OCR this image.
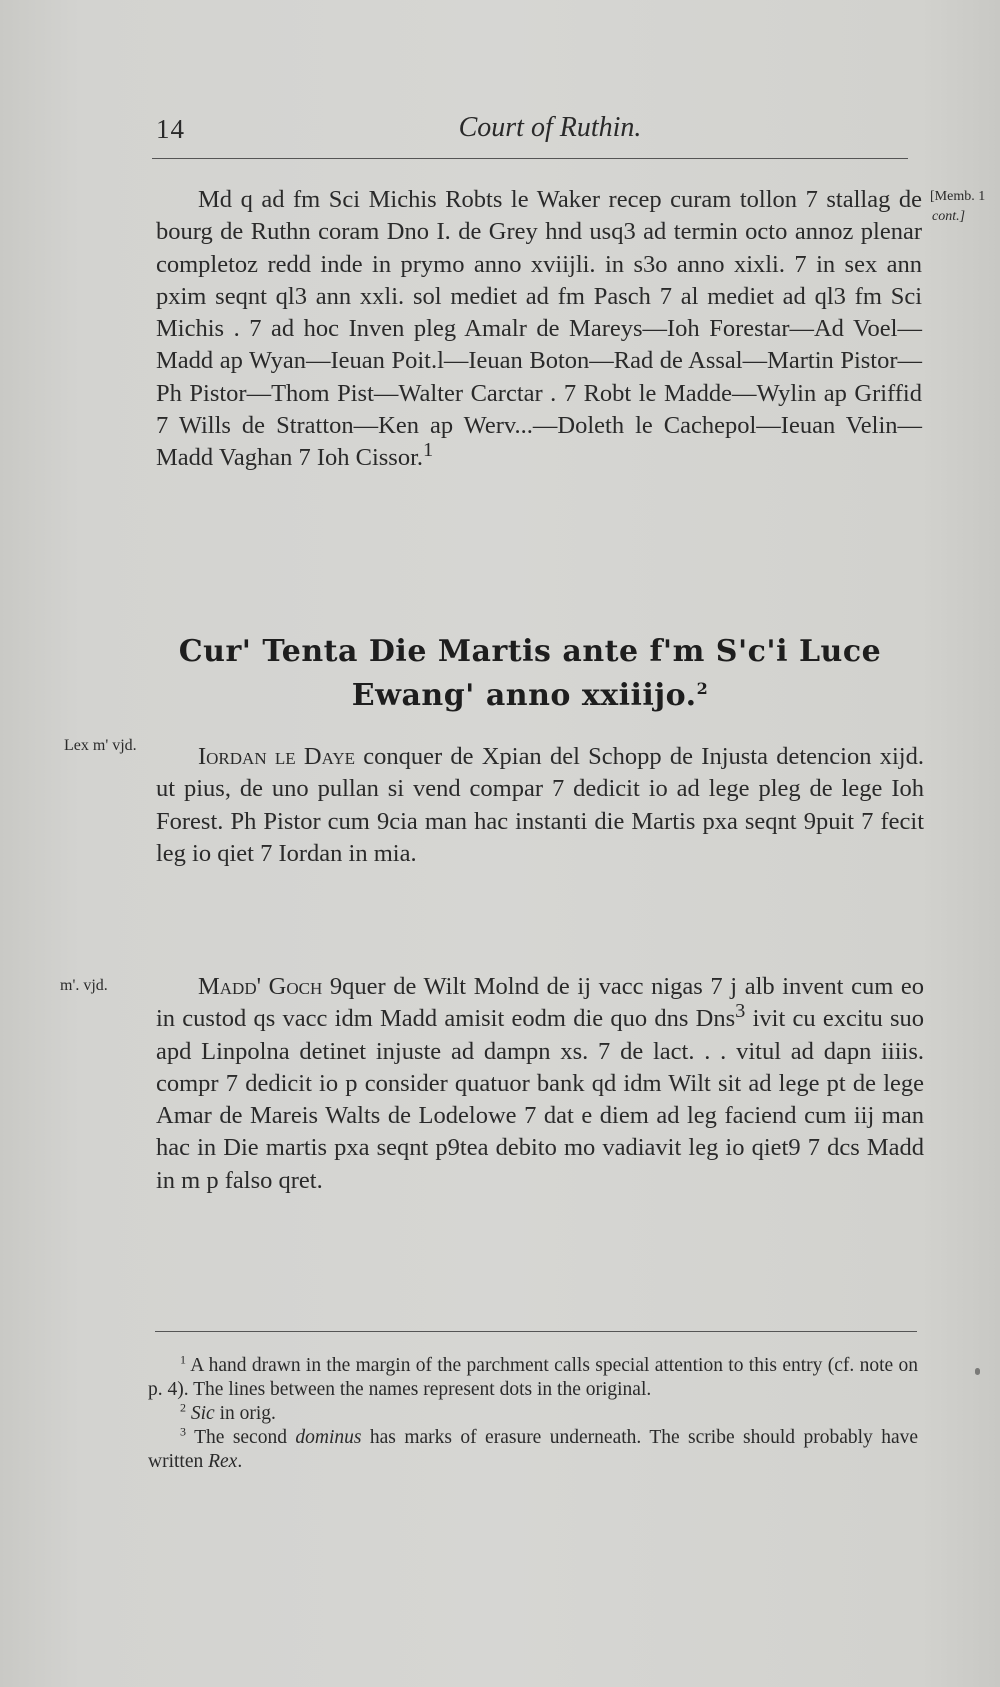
14	Court of Ruthin.
Md q ad fm Sci Michis Robts le Waker recep curam tollon 7 stallag de bourg de Ruthn coram Dno I. de Grey hnd usq3 ad termin octo annoz plenar completoz redd inde in prymo anno xviijli. in s3o anno xixli. 7 in sex ann pxim seqnt ql3 ann xxli. sol mediet ad fm Pasch 7 al mediet ad ql3 fm Sci Michis . 7 ad hoc Inven pleg Amalr de Mareys—Ioh Forestar—Ad Voel—Madd ap Wyan—Ieuan Poit.l—Ieuan Boton—Rad de Assal—Martin Pistor—Ph Pistor—Thom Pist—Walter Carctar . 7 Robt le Madde—Wylin ap Griffid 7 Wills de Stratton—Ken ap Werv...—Doleth le Cachepol—Ieuan Velin—Madd Vaghan 7 Ioh Cissor.$^1$
[Memb. 1
cont.]
Cur' Tenta Die Martis ante f'm S'c'i Luce Ewang' anno xxiiijo.$^2$
Lex m' vjd.	Iordan le Daye conquer de Xpian del Schopp de Injusta detencion xijd. ut pius, de uno pullan si vend compar 7 dedicit io ad lege pleg de lege Ioh Forest. Ph Pistor cum 9cia man hac instanti die Martis pxa seqnt 9puit 7 fecit leg io qiet 7 Iordan in mia.
m'. vjd.	Madd' Goch 9quer de Wilt Molnd de ij vacc nigas 7 j alb invent cum eo in custod qs vacc idm Madd amisit eodm die quo dns Dns$^3$ ivit cu excitu suo apd Linpolna detinet injuste ad dampn xs. 7 de lact. . . vitul ad dapn iiiis. compr 7 dedicit io p consider quatuor bank qd idm Wilt sit ad lege pt de lege Amar de Mareis Walts de Lodelowe 7 dat e diem ad leg faciend cum iij man hac in Die martis pxa seqnt p9tea debito mo vadiavit leg io qiet9 7 dcs Madd in m p falso qret.

$^1$ A hand drawn in the margin of the parchment calls special attention to this entry (cf. note on p. 4). The lines between the names represent dots in the original.

$^2$ Sic in orig.

$^3$ The second dominus has marks of erasure underneath. The scribe should probably have written Rex.
